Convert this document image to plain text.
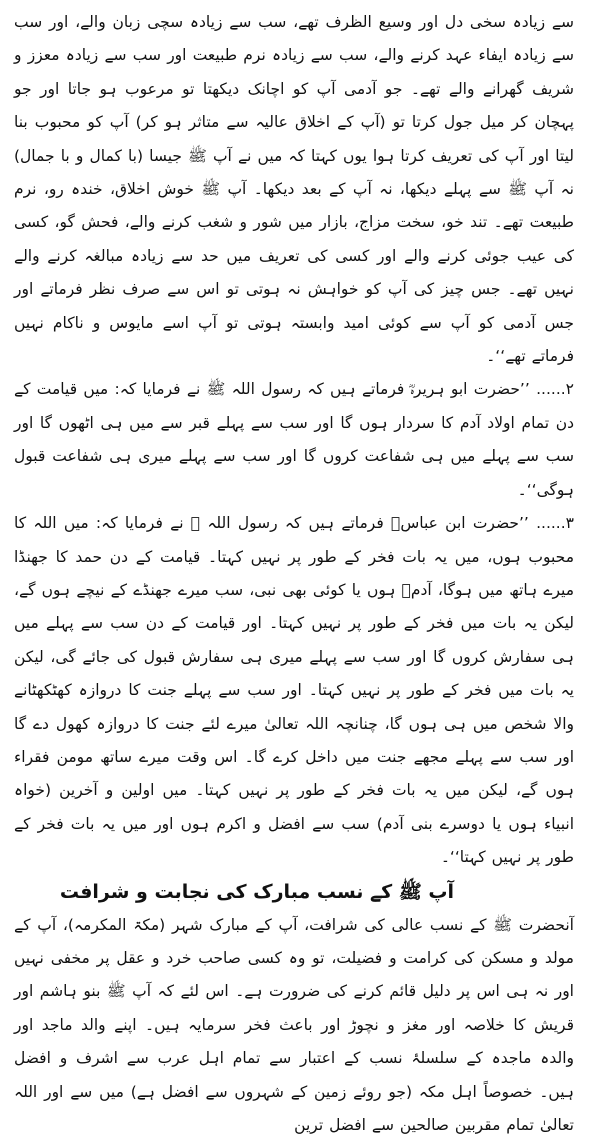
سے زیادہ سخی دل اور وسیع الظرف تھے، سب سے زیادہ سچی زبان والے، اور سب سے زیادہ ایفاء عہد کرنے والے، سب سے زیادہ نرم طبیعت اور سب سے زیادہ معزز و شریف گھرانے والے تھے۔ جو آدمی آپ کو اچانک دیکھتا تو مرعوب ہو جاتا اور جو پہچان کر میل جول کرتا تو (آپ کے اخلاق عالیہ سے متاثر ہو کر) آپ کو محبوب بنا لیتا اور آپ کی تعریف کرتا ہوا یوں کہتا کہ میں نے آپ ﷺ جیسا (با کمال و با جمال) نہ آپ ﷺ سے پہلے دیکھا، نہ آپ کے بعد دیکھا۔ آپ ﷺ خوش اخلاق، خندہ رو، نرم طبیعت تھے۔ تند خو، سخت مزاج، بازار میں شور و شغب کرنے والے، فحش گو، کسی کی عیب جوئی کرنے والے اور کسی کی تعریف میں حد سے زیادہ مبالغہ کرنے والے نہیں تھے۔ جس چیز کی آپ کو خواہش نہ ہوتی تو اس سے صرف نظر فرماتے اور جس آدمی کو آپ سے کوئی امید وابستہ ہوتی تو آپ اسے مایوس و ناکام نہیں فرماتے تھے‘‘۔

۲...... ’’حضرت ابو ہریرہؓ فرماتے ہیں کہ رسول اللہ ﷺ نے فرمایا کہ: میں قیامت کے دن تمام اولاد آدم کا سردار ہوں گا اور سب سے پہلے قبر سے میں ہی اٹھوں گا اور سب سے پہلے میں ہی شفاعت کروں گا اور سب سے پہلے میری ہی شفاعت قبول ہوگی‘‘۔

۳...... ’’حضرت ابن عباسؓ فرماتے ہیں کہ رسول اللہ ﷺ نے فرمایا کہ: میں اللہ کا محبوب ہوں، میں یہ بات فخر کے طور پر نہیں کہتا۔ قیامت کے دن حمد کا جھنڈا میرے ہاتھ میں ہوگا، آدمؑ ہوں یا کوئی بھی نبی، سب میرے جھنڈے کے نیچے ہوں گے، لیکن یہ بات میں فخر کے طور پر نہیں کہتا۔ اور قیامت کے دن سب سے پہلے میں ہی سفارش کروں گا اور سب سے پہلے میری ہی سفارش قبول کی جائے گی، لیکن یہ بات میں فخر کے طور پر نہیں کہتا۔ اور سب سے پہلے جنت کا دروازہ کھٹکھٹانے والا شخص میں ہی ہوں گا، چنانچہ اللہ تعالیٰ میرے لئے جنت کا دروازہ کھول دے گا اور سب سے پہلے مجھے جنت میں داخل کرے گا۔ اس وقت میرے ساتھ مومن فقراء ہوں گے، لیکن میں یہ بات فخر کے طور پر نہیں کہتا۔ میں اولین و آخرین (خواہ انبیاء ہوں یا دوسرے بنی آدم) سب سے افضل و اکرم ہوں اور میں یہ بات فخر کے طور پر نہیں کہتا‘‘۔

آپ ﷺ کے نسب مبارک کی نجابت و شرافت

آنحضرت ﷺ کے نسب عالی کی شرافت، آپ کے مبارک شہر (مکۃ المکرمہ)، آپ کے مولد و مسکن کی کرامت و فضیلت، تو وہ کسی صاحب خرد و عقل پر مخفی نہیں اور نہ ہی اس پر دلیل قائم کرنے کی ضرورت ہے۔ اس لئے کہ آپ ﷺ بنو ہاشم اور قریش کا خلاصہ اور مغز و نچوڑ اور باعث فخر سرمایہ ہیں۔ اپنے والد ماجد اور والدہ ماجدہ کے سلسلۂ نسب کے اعتبار سے تمام اہل عرب سے اشرف و افضل ہیں۔ خصوصاً اہل مکہ (جو روئے زمین کے شہروں سے افضل ہے) میں سے اور اللہ تعالیٰ تمام مقربین صالحین سے افضل ترین
